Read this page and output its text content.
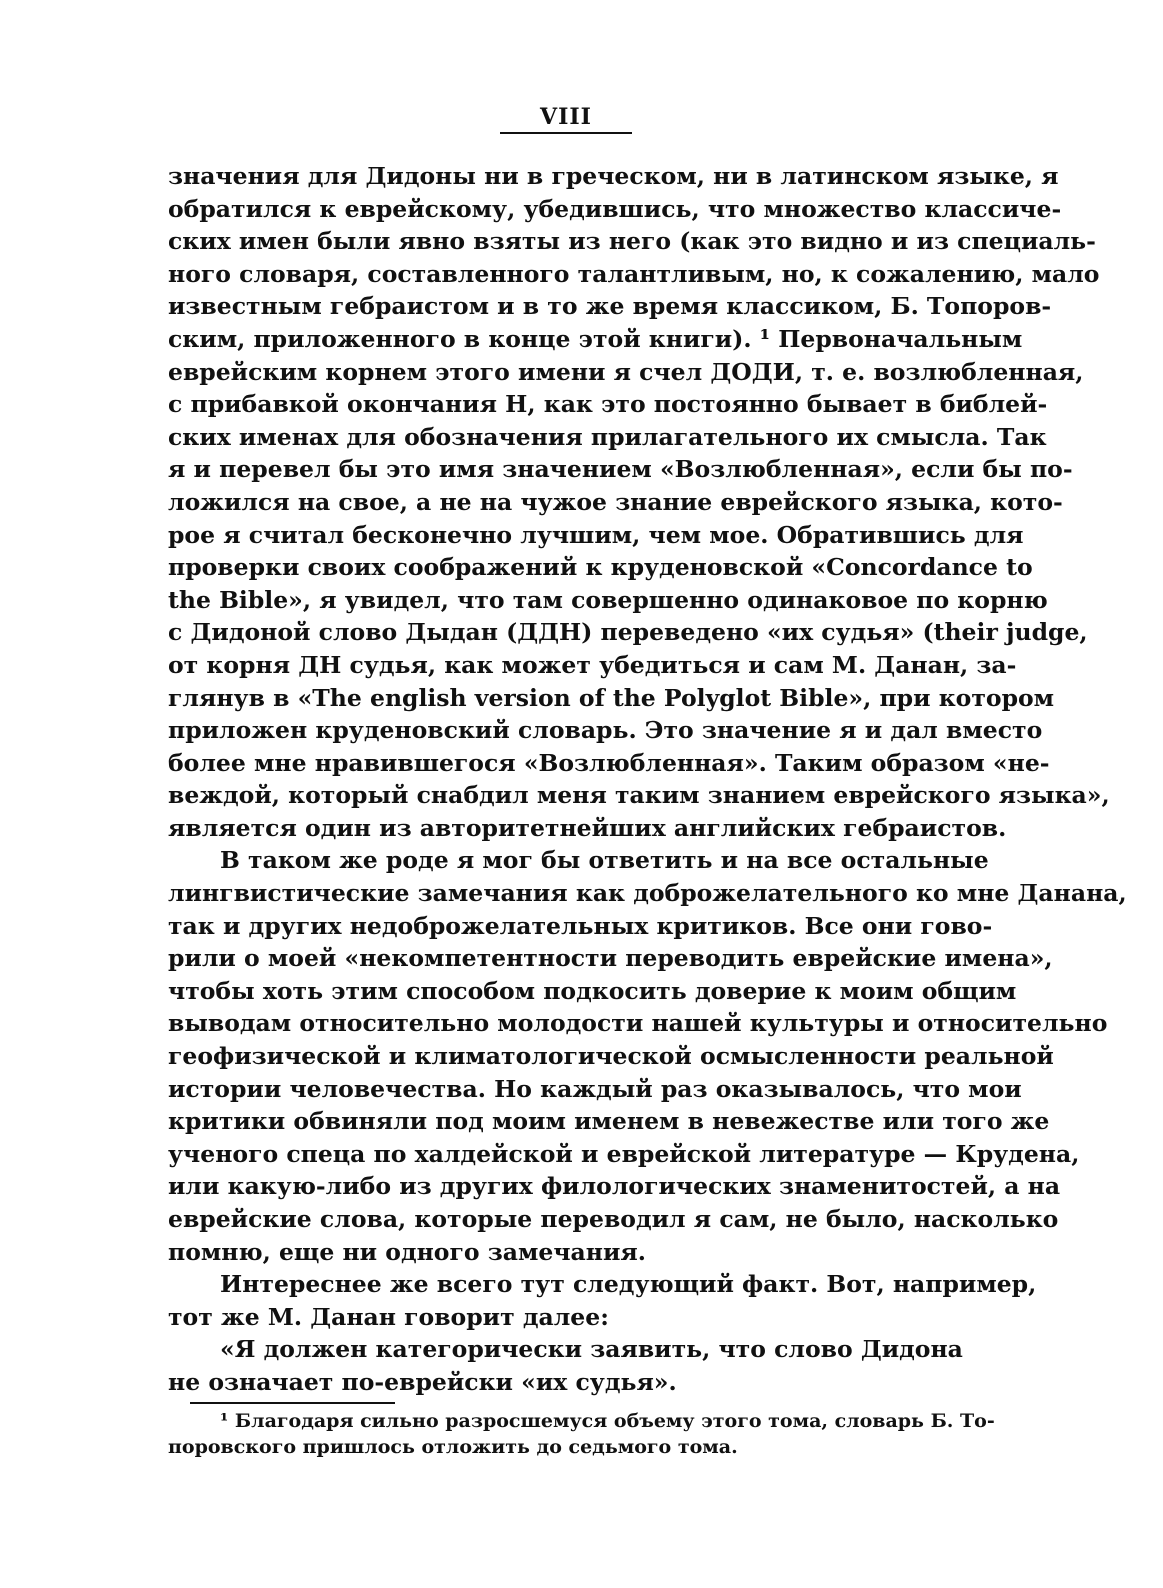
VIII
значения для Дидоны ни в греческом, ни в латинском языке, я
обратился к еврейскому, убедившись, что множество классиче-
ских имен были явно взяты из него (как это видно и из специаль-
ного словаря, составленного талантливым, но, к сожалению, мало
известным гебраистом и в то же время классиком, Б. Топоров-
ским, приложенного в конце этой книги). ¹ Первоначальным
еврейским корнем этого имени я счел ДОДИ, т. е. возлюбленная,
с прибавкой окончания Н, как это постоянно бывает в библей-
ских именах для обозначения прилагательного их смысла. Так
я и перевел бы это имя значением «Возлюбленная», если бы по-
ложился на свое, а не на чужое знание еврейского языка, кото-
рое я считал бесконечно лучшим, чем мое. Обратившись для
проверки своих соображений к круденовской «Concordance to
the Bible», я увидел, что там совершенно одинаковое по корню
с Дидоной слово Дыдан (ДДН) переведено «их судья» (their judge,
от корня ДН судья, как может убедиться и сам М. Данан, за-
глянув в «The english version of the Polyglot Bible», при котором
приложен круденовский словарь. Это значение я и дал вместо
более мне нравившегося «Возлюбленная». Таким образом «не-
веждой, который снабдил меня таким знанием еврейского языка»,
является один из авторитетнейших английских гебраистов.
В таком же роде я мог бы ответить и на все остальные
лингвистические замечания как доброжелательного ко мне Данана,
так и других недоброжелательных критиков. Все они гово-
рили о моей «некомпетентности переводить еврейские имена»,
чтобы хоть этим способом подкосить доверие к моим общим
выводам относительно молодости нашей культуры и относительно
геофизической и климатологической осмысленности реальной
истории человечества. Но каждый раз оказывалось, что мои
критики обвиняли под моим именем в невежестве или того же
ученого спеца по халдейской и еврейской литературе — Крудена,
или какую-либо из других филологических знаменитостей, а на
еврейские слова, которые переводил я сам, не было, насколько
помню, еще ни одного замечания.
Интереснее же всего тут следующий факт. Вот, например,
тот же М. Данан говорит далее:
«Я должен категорически заявить, что слово Дидона
не означает по-еврейски «их судья».
¹ Благодаря сильно разросшемуся объему этого тома, словарь Б. То-
поровского пришлось отложить до седьмого тома.
